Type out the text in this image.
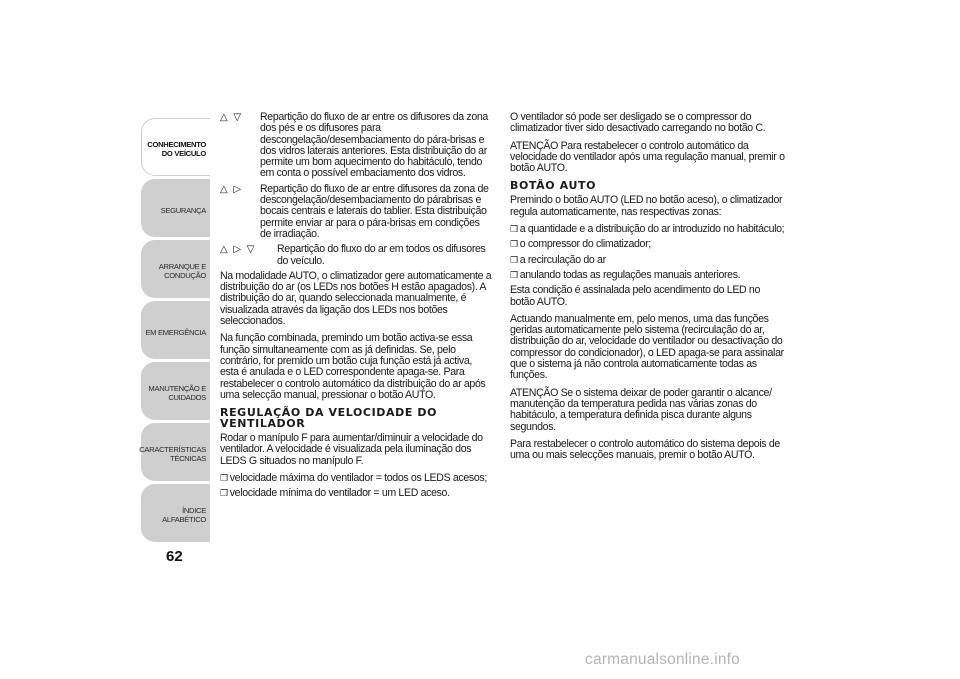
CONHECIMENTO
DO VEÍCULO
SEGURANÇA
ARRANQUE E
CONDUÇÃO
EM EMERGÊNCIA
MANUTENÇÃO E
CUIDADOS
CARACTERÍSTICAS
TÉCNICAS
ÍNDICE ALFABÉTICO
62
△ ▽ Repartição do fluxo de ar entre os difusores da zona dos pés e os difusores para descongelação/desembaciamento do pára-brisas e dos vidros laterais anteriores. Esta distribuição do ar permite um bom aquecimento do habitáculo, tendo em conta o possível embaciamento dos vidros.
△ ▷ Repartição do fluxo de ar entre difusores da zona de descongelação/desembaciamento do párabrisas e bocais centrais e laterais do tablier. Esta distribuição permite enviar ar para o pára-brisas em condições de irradiação.
△ ▷ ▽ Repartição do fluxo do ar em todos os difusores do veículo.

Na modalidade AUTO, o climatizador gere automaticamente a distribuição do ar (os LEDs nos botões H estão apagados). A distribuição do ar, quando seleccionada manualmente, é visualizada através da ligação dos LEDs nos botões seleccionados.

Na função combinada, premindo um botão activa-se essa função simultaneamente com as já definidas. Se, pelo contrário, for premido um botão cuja função está já activa, esta é anulada e o LED correspondente apaga-se. Para restabelecer o controlo automático da distribuição do ar após uma selecção manual, pressionar o botão AUTO.

REGULAÇÃO DA VELOCIDADE DO VENTILADOR

Rodar o manípulo F para aumentar/diminuir a velocidade do ventilador. A velocidade é visualizada pela iluminação dos LEDS G situados no manípulo F.

❒ velocidade máxima do ventilador = todos os LEDS acesos;
❒ velocidade mínima do ventilador = um LED aceso.

O ventilador só pode ser desligado se o compressor do climatizador tiver sido desactivado carregando no botão C.

ATENÇÃO Para restabelecer o controlo automático da velocidade do ventilador após uma regulação manual, premir o botão AUTO.

BOTÃO AUTO

Premindo o botão AUTO (LED no botão aceso), o climatizador regula automaticamente, nas respectivas zonas:

❒ a quantidade e a distribuição do ar introduzido no habitáculo;
❒ o compressor do climatizador;
❒ a recirculação do ar
❒ anulando todas as regulações manuais anteriores.

Esta condição é assinalada pelo acendimento do LED no botão AUTO.

Actuando manualmente em, pelo menos, uma das funções geridas automaticamente pelo sistema (recirculação do ar, distribuição do ar, velocidade do ventilador ou desactivação do compressor do condicionador), o LED apaga-se para assinalar que o sistema já não controla automaticamente todas as funções.

ATENÇÃO Se o sistema deixar de poder garantir o alcance/ manutenção da temperatura pedida nas várias zonas do habitáculo, a temperatura definida pisca durante alguns segundos.

Para restabelecer o controlo automático do sistema depois de uma ou mais selecções manuais, premir o botão AUTO.

carmanualsonline.info
